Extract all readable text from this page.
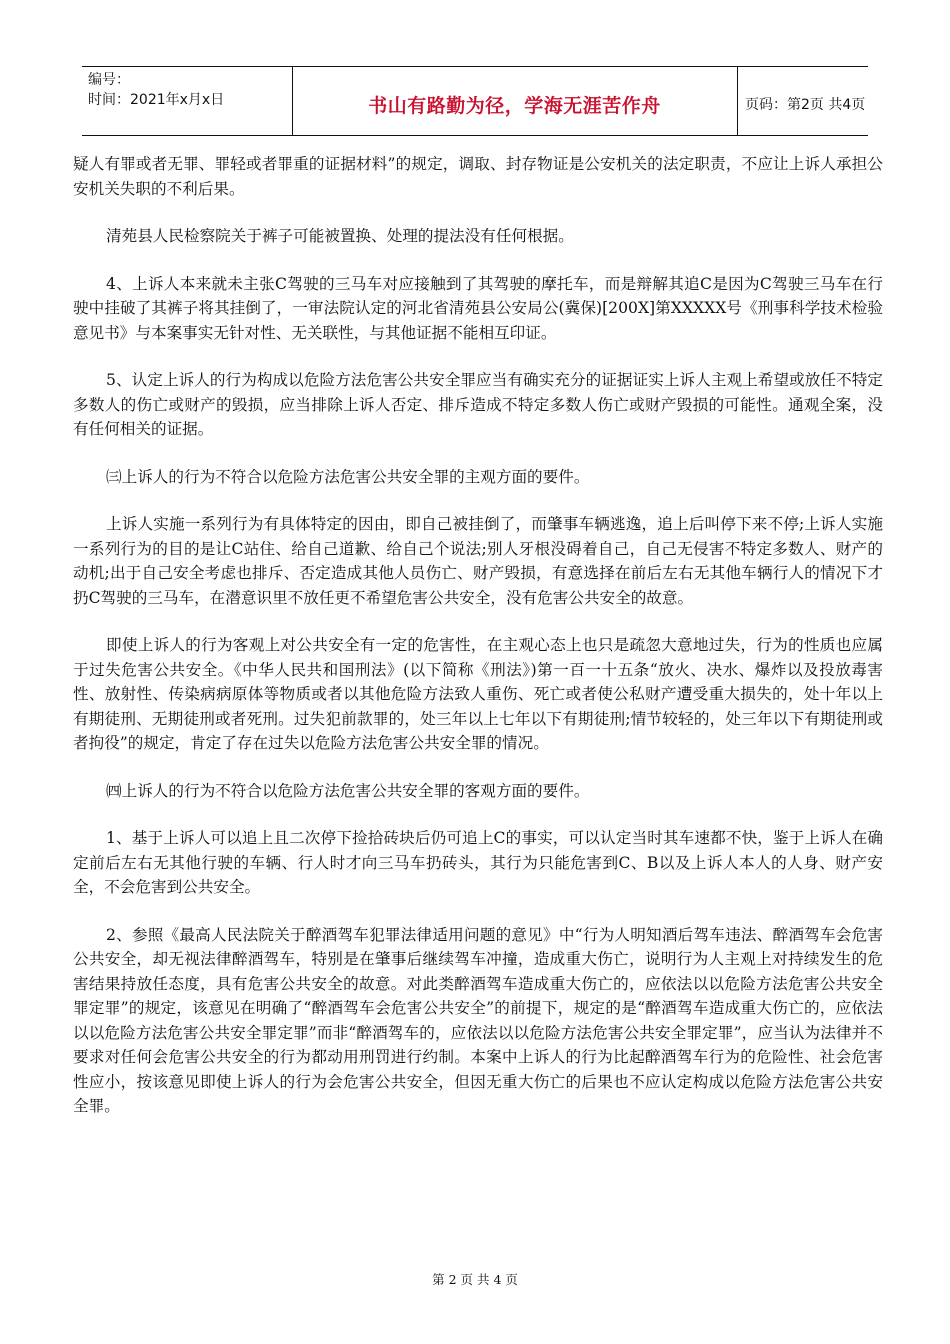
编号：
时间：2021年x月x日	书山有路勤为径，学海无涯苦作舟	页码：第2页 共4页

疑人有罪或者无罪、罪轻或者罪重的证据材料”的规定，调取、封存物证是公安机关的法定职责，不应让上诉人承担公安机关失职的不利后果。

清苑县人民检察院关于裤子可能被置换、处理的提法没有任何根据。

4、上诉人本来就未主张C驾驶的三马车对应接触到了其驾驶的摩托车，而是辩解其追C是因为C驾驶三马车在行驶中挂破了其裤子将其挂倒了，一审法院认定的河北省清苑县公安局公(冀保)[200X]第XXXXX号《刑事科学技术检验意见书》与本案事实无针对性、无关联性，与其他证据不能相互印证。

5、认定上诉人的行为构成以危险方法危害公共安全罪应当有确实充分的证据证实上诉人主观上希望或放任不特定多数人的伤亡或财产的毁损，应当排除上诉人否定、排斥造成不特定多数人伤亡或财产毁损的可能性。通观全案，没有任何相关的证据。

㈢上诉人的行为不符合以危险方法危害公共安全罪的主观方面的要件。

上诉人实施一系列行为有具体特定的因由，即自己被挂倒了，而肇事车辆逃逸，追上后叫停下来不停;上诉人实施一系列行为的目的是让C站住、给自己道歉、给自己个说法;别人牙根没碍着自己，自己无侵害不特定多数人、财产的动机;出于自己安全考虑也排斥、否定造成其他人员伤亡、财产毁损，有意选择在前后左右无其他车辆行人的情况下才扔C驾驶的三马车，在潜意识里不放任更不希望危害公共安全，没有危害公共安全的故意。

即使上诉人的行为客观上对公共安全有一定的危害性，在主观心态上也只是疏忽大意地过失，行为的性质也应属于过失危害公共安全。《中华人民共和国刑法》(以下简称《刑法》)第一百一十五条“放火、决水、爆炸以及投放毒害性、放射性、传染病病原体等物质或者以其他危险方法致人重伤、死亡或者使公私财产遭受重大损失的，处十年以上有期徒刑、无期徒刑或者死刑。过失犯前款罪的，处三年以上七年以下有期徒刑;情节较轻的，处三年以下有期徒刑或者拘役”的规定，肯定了存在过失以危险方法危害公共安全罪的情况。

㈣上诉人的行为不符合以危险方法危害公共安全罪的客观方面的要件。

1、基于上诉人可以追上且二次停下捡拾砖块后仍可追上C的事实，可以认定当时其车速都不快，鉴于上诉人在确定前后左右无其他行驶的车辆、行人时才向三马车扔砖头，其行为只能危害到C、B以及上诉人本人的人身、财产安全，不会危害到公共安全。

2、参照《最高人民法院关于醉酒驾车犯罪法律适用问题的意见》中“行为人明知酒后驾车违法、醉酒驾车会危害公共安全，却无视法律醉酒驾车，特别是在肇事后继续驾车冲撞，造成重大伤亡，说明行为人主观上对持续发生的危害结果持放任态度，具有危害公共安全的故意。对此类醉酒驾车造成重大伤亡的，应依法以以危险方法危害公共安全罪定罪”的规定，该意见在明确了“醉酒驾车会危害公共安全”的前提下，规定的是“醉酒驾车造成重大伤亡的，应依法以以危险方法危害公共安全罪定罪”而非“醉酒驾车的，应依法以以危险方法危害公共安全罪定罪”，应当认为法律并不要求对任何会危害公共安全的行为都动用刑罚进行约制。本案中上诉人的行为比起醉酒驾车行为的危险性、社会危害性应小，按该意见即使上诉人的行为会危害公共安全，但因无重大伤亡的后果也不应认定构成以危险方法危害公共安全罪。

第 2 页 共 4 页
